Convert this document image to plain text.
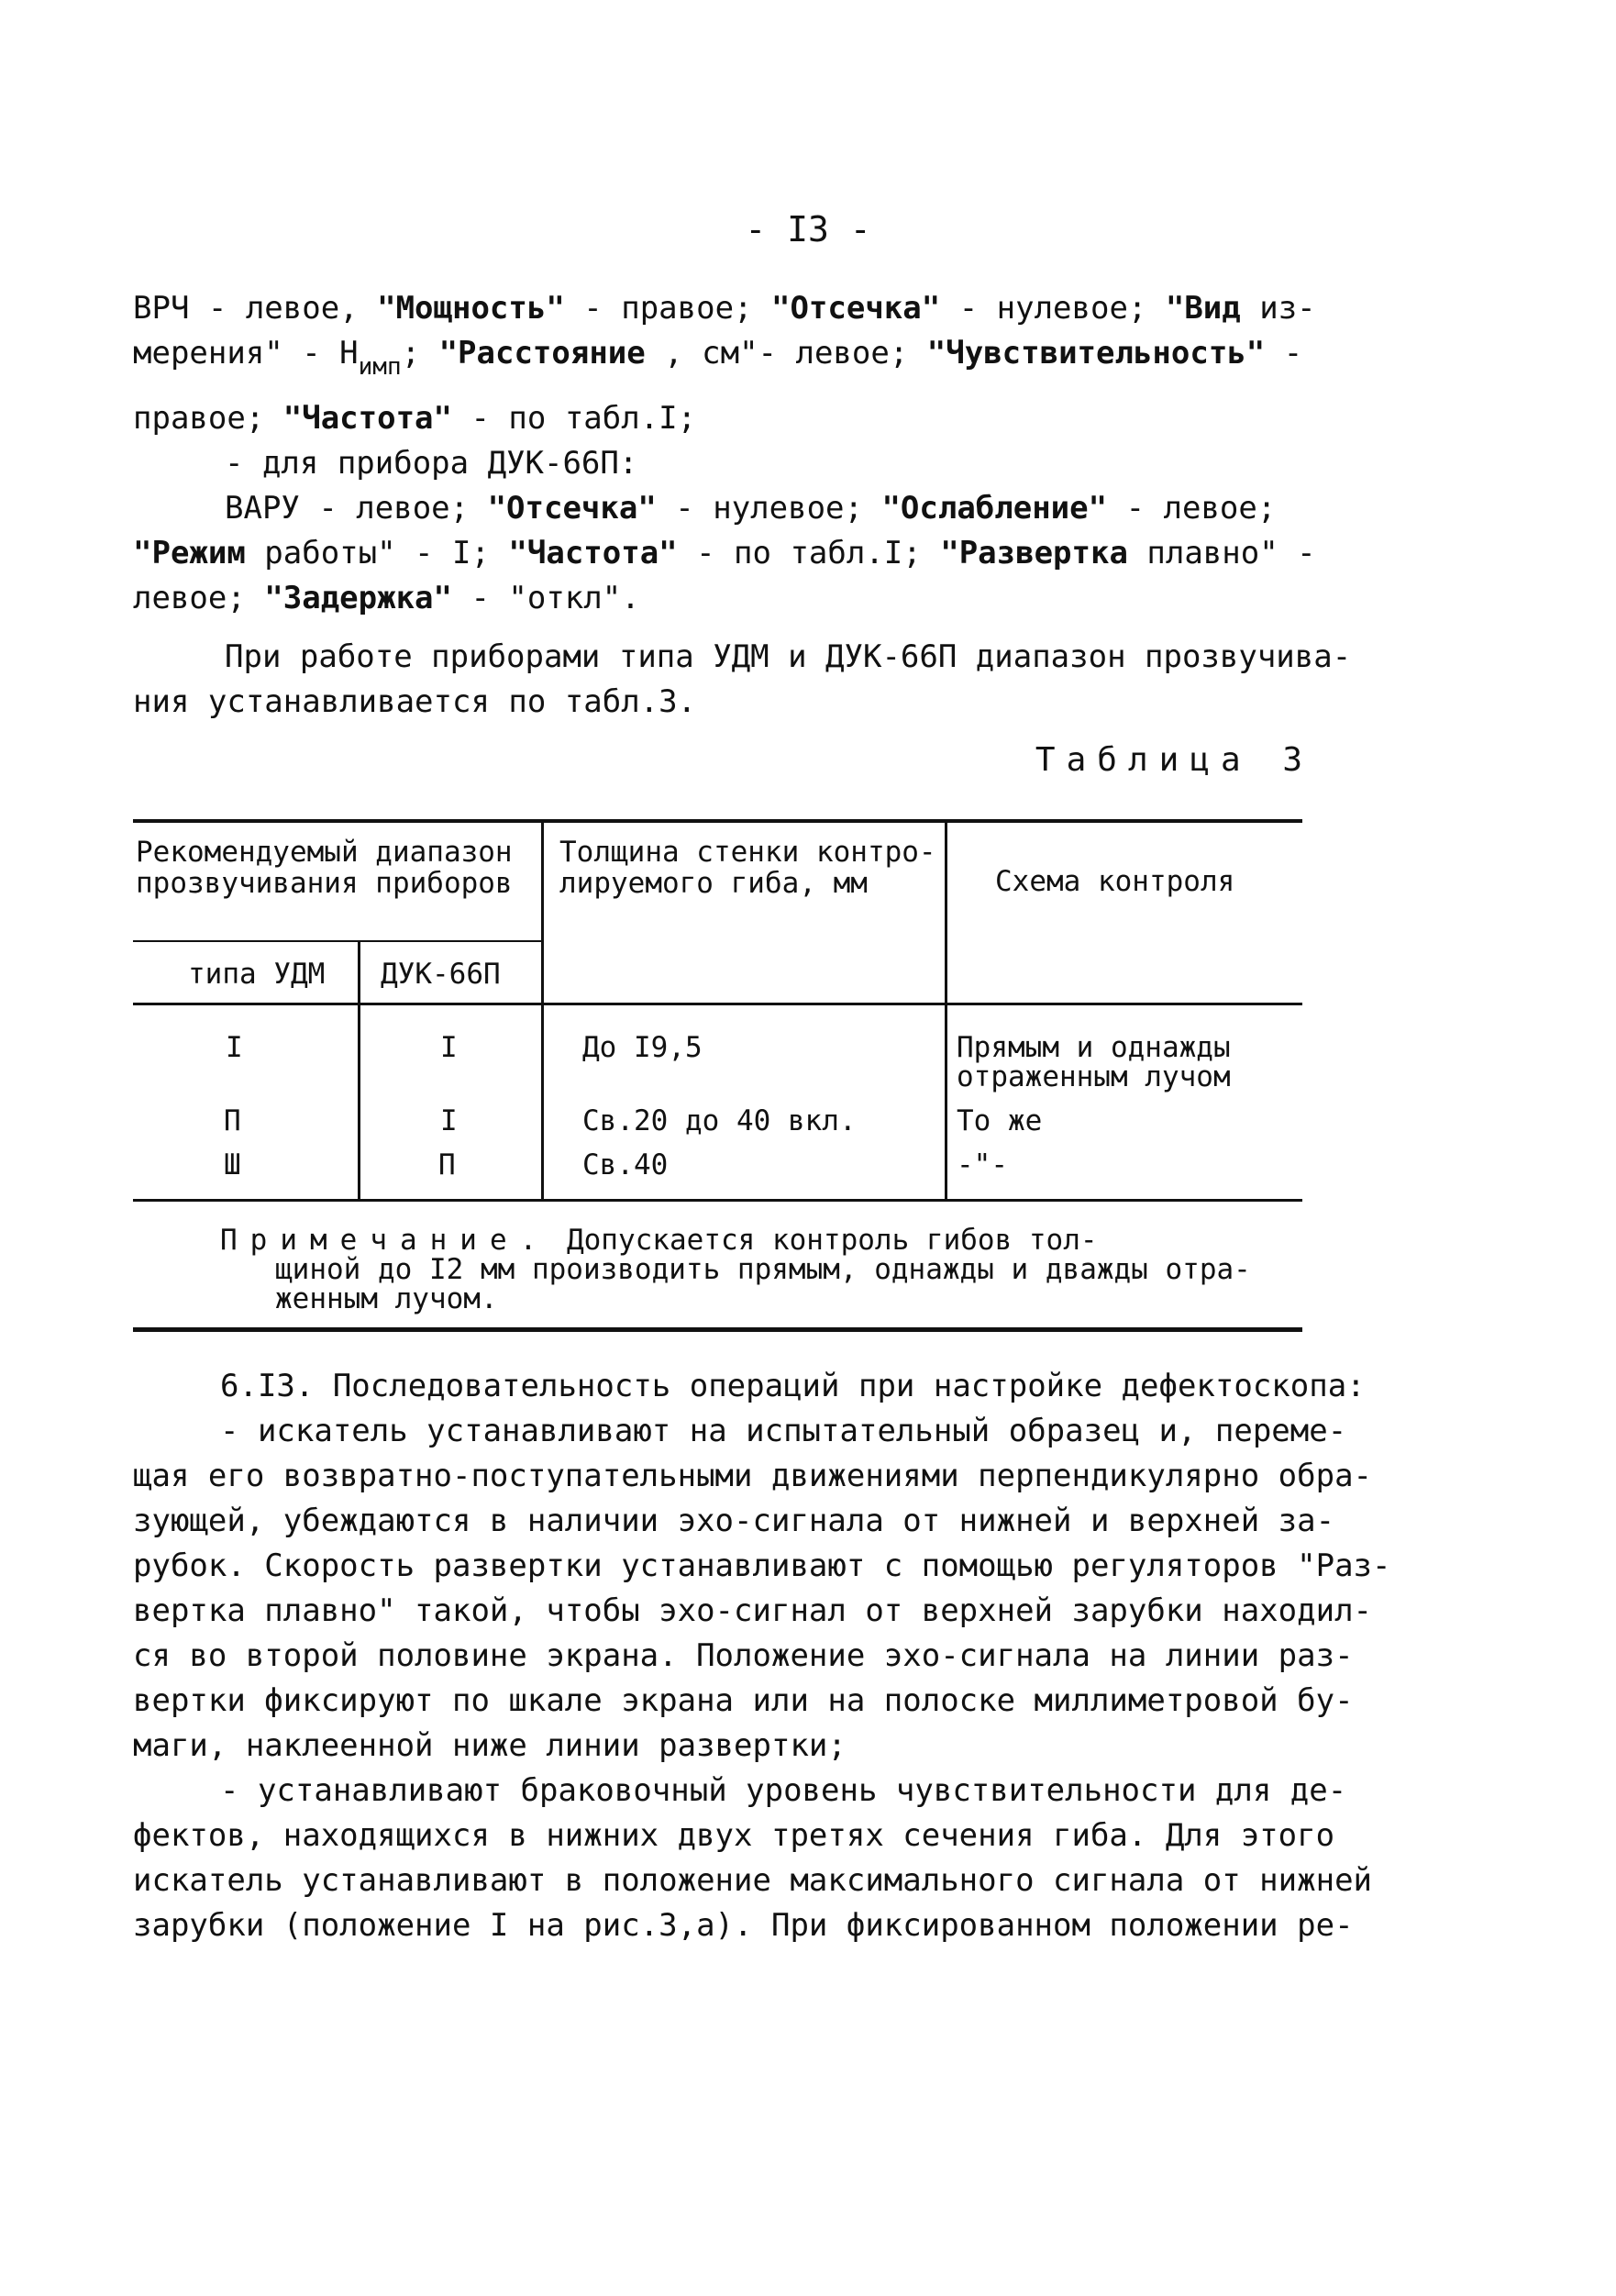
- I3 -
ВРЧ - левое, "Мощность" - правое; "Отсечка" - нулевое; "Вид из-
мерения" - $Н_{имп}$; "Расстояние , см"- левое; "Чувствительность" -
правое; "Частота" - по табл.I;
- для прибора ДУК-66П:
ВАРУ - левое; "Отсечка" - нулевое; "Ослабление" - левое;
"Режим работы" - I; "Частота" - по табл.I; "Развертка плавно" -
левое; "Задержка" - "откл".
При работе приборами типа УДМ и ДУК-66П диапазон прозвучива-
ния устанавливается по табл.3.
Таблица 3
Рекомендуемый диапазон
прозвучивания приборов
Толщина стенки контро-
лируемого гиба, мм	Схема контроля
типа УДМ ДУК-66П
I	I	До I9,5	Прямым и однажды
отраженным лучом
П	I	Св.20 до 40 вкл.	То же
Ш	П	Св.40	-"-
Примечание. Допускается контроль гибов тол-
щиной до I2 мм производить прямым, однажды и дважды отра-
женным лучом.
6.I3. Последовательность операций при настройке дефектоскопа:
- искатель устанавливают на испытательный образец и, переме-
щая его возвратно-поступательными движениями перпендикулярно обра-
зующей, убеждаются в наличии эхо-сигнала от нижней и верхней за-
рубок. Скорость развертки устанавливают с помощью регуляторов "Раз-
вертка плавно" такой, чтобы эхо-сигнал от верхней зарубки находил-
ся во второй половине экрана. Положение эхо-сигнала на линии раз-
вертки фиксируют по шкале экрана или на полоске миллиметровой бу-
маги, наклеенной ниже линии развертки;
- устанавливают браковочный уровень чувствительности для де-
фектов, находящихся в нижних двух третях сечения гиба. Для этого
искатель устанавливают в положение максимального сигнала от нижней
зарубки (положение I на рис.3,а). При фиксированном положении ре-
